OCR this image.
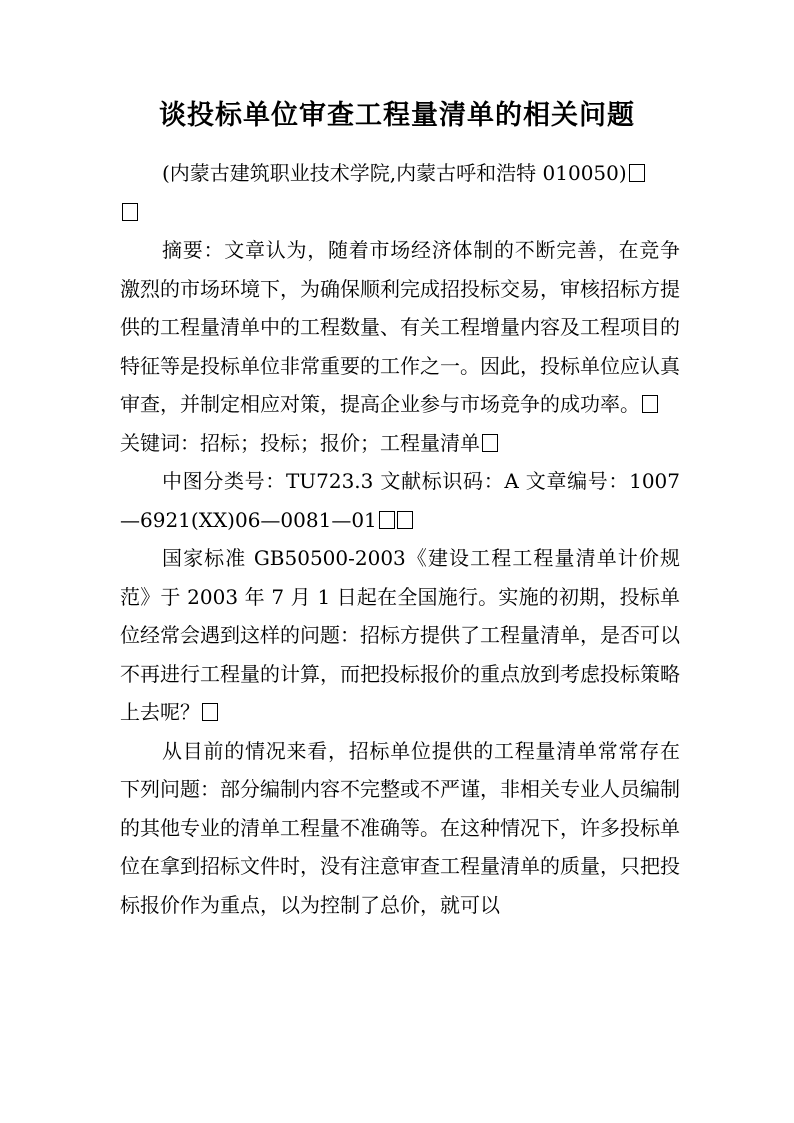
谈投标单位审查工程量清单的相关问题

(内蒙古建筑职业技术学院,内蒙古呼和浩特 010050)

摘要：文章认为，随着市场经济体制的不断完善，在竞争激烈的市场环境下，为确保顺利完成招投标交易，审核招标方提供的工程量清单中的工程数量、有关工程增量内容及工程项目的特征等是投标单位非常重要的工作之一。因此，投标单位应认真审查，并制定相应对策，提高企业参与市场竞争的成功率。

关键词：招标；投标；报价；工程量清单

中图分类号：TU723.3 文献标识码：A 文章编号：1007—6921(XX)06—0081—01

国家标准 GB50500-2003《建设工程工程量清单计价规范》于 2003 年 7 月 1 日起在全国施行。实施的初期，投标单位经常会遇到这样的问题：招标方提供了工程量清单，是否可以不再进行工程量的计算，而把投标报价的重点放到考虑投标策略上去呢？

从目前的情况来看，招标单位提供的工程量清单常常存在下列问题：部分编制内容不完整或不严谨，非相关专业人员编制的其他专业的清单工程量不准确等。在这种情况下，许多投标单位在拿到招标文件时，没有注意审查工程量清单的质量，只把投标报价作为重点，以为控制了总价，就可以
